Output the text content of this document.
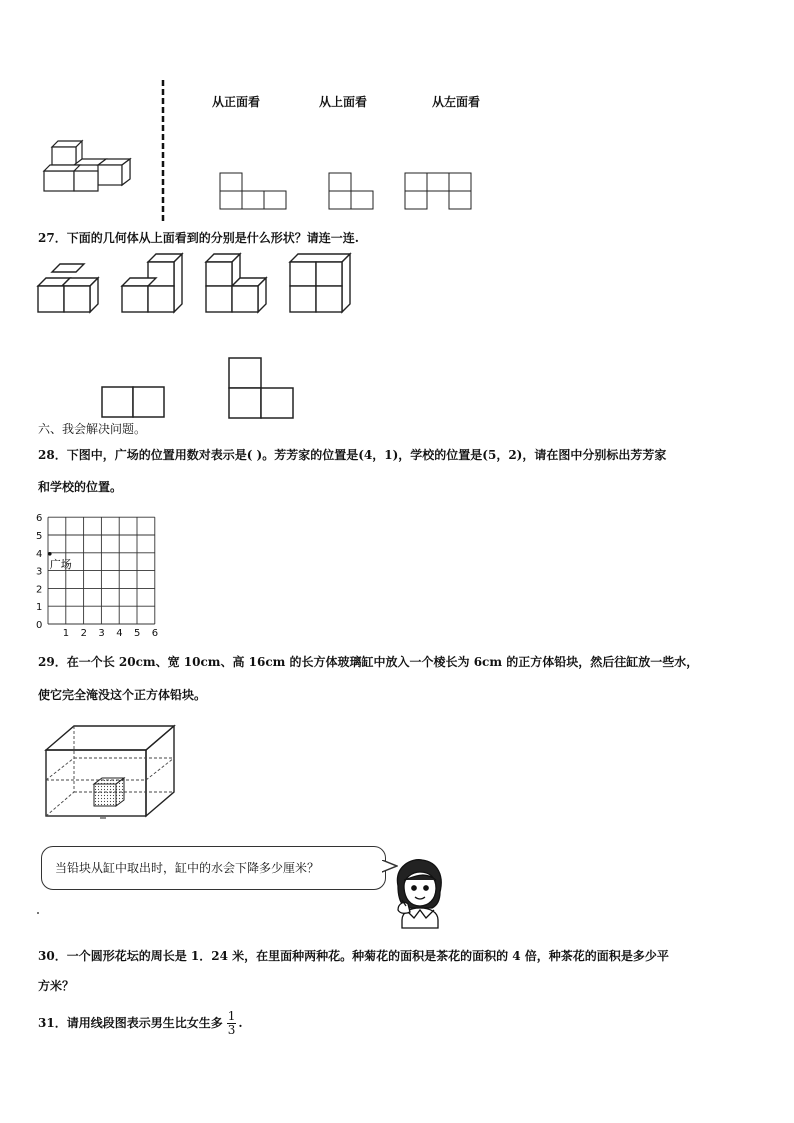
从正面看	从上面看	从左面看
27．下面的几何体从上面看到的分别是什么形状？请连一连.
六、我会解决问题。
28．下图中，广场的位置用数对表示是( )。芳芳家的位置是(4，1)，学校的位置是(5，2)，请在图中分别标出芳芳家
和学校的位置。
1 2 3 4 5 6
0
1
2
3
4
5
6
广场
29．在一个长 20cm、宽 10cm、高 16cm 的长方体玻璃缸中放入一个棱长为 6cm 的正方体铅块，然后往缸放一些水，
使它完全淹没这个正方体铅块。
当铅块从缸中取出时，缸中的水会下降多少厘米？
30．一个圆形花坛的周长是 1．24 米，在里面种两种花。种菊花的面积是茶花的面积的 4 倍，种茶花的面积是多少平
方米？
31．请用线段图表示男生比女生多 $\frac{1}{3}$ .
